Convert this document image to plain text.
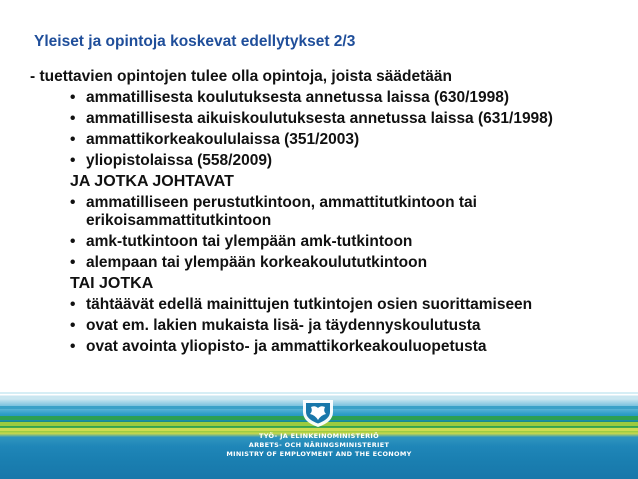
Yleiset ja opintoja koskevat edellytykset 2/3
- tuettavien opintojen tulee olla opintoja, joista säädetään
• ammatillisesta koulutuksesta annetussa laissa (630/1998)
• ammatillisesta aikuiskoulutuksesta annetussa laissa (631/1998)
• ammattikorkeakoululaissa (351/2003)
• yliopistolaissa (558/2009)
JA JOTKA JOHTAVAT
• ammatilliseen perustutkintoon, ammattitutkintoon tai erikoisammattitutkintoon
• amk-tutkintoon tai ylempään amk-tutkintoon
• alempaan tai ylempään korkeakoulututkintoon
TAI JOTKA
• tähtäävät edellä mainittujen tutkintojen osien suorittamiseen
• ovat em. lakien mukaista lisä- ja täydennyskoulutusta
• ovat avointa yliopisto- ja ammattikorkeakouluopetusta
TYÖ- JA ELINKEINOMINISTERIÖ
ARBETS- OCH NÄRINGSMINISTERIET
MINISTRY OF EMPLOYMENT AND THE ECONOMY
